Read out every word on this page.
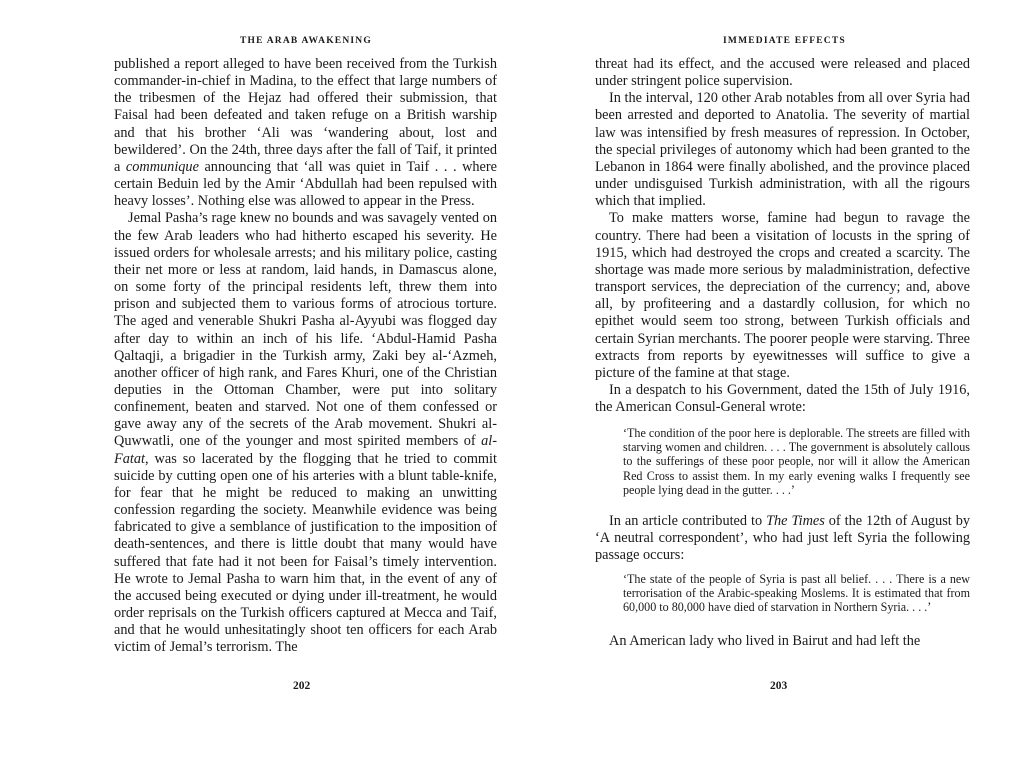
THE ARAB AWAKENING

published a report alleged to have been received from the Turkish commander-in-chief in Madina, to the effect that large numbers of the tribesmen of the Hejaz had offered their submission, that Faisal had been defeated and taken refuge on a British warship and that his brother ‘Ali was ‘wandering about, lost and bewildered’. On the 24th, three days after the fall of Taif, it printed a communique announcing that ‘all was quiet in Taif . . . where certain Beduin led by the Amir ‘Abdullah had been repulsed with heavy losses’. Nothing else was allowed to appear in the Press.

Jemal Pasha’s rage knew no bounds and was savagely vented on the few Arab leaders who had hitherto escaped his severity. He issued orders for wholesale arrests; and his military police, casting their net more or less at random, laid hands, in Damascus alone, on some forty of the principal residents left, threw them into prison and subjected them to various forms of atrocious torture. The aged and venerable Shukri Pasha al-Ayyubi was flogged day after day to within an inch of his life. ‘Abdul-Hamid Pasha Qaltaqji, a brigadier in the Turkish army, Zaki bey al-‘Azmeh, another officer of high rank, and Fares Khuri, one of the Christian deputies in the Ottoman Chamber, were put into solitary confinement, beaten and starved. Not one of them confessed or gave away any of the secrets of the Arab movement. Shukri al-Quwwatli, one of the younger and most spirited members of al-Fatat, was so lacerated by the flogging that he tried to commit suicide by cutting open one of his arteries with a blunt table-knife, for fear that he might be reduced to making an unwitting confession regarding the society. Meanwhile evidence was being fabricated to give a semblance of justification to the imposition of death-sentences, and there is little doubt that many would have suffered that fate had it not been for Faisal’s timely intervention. He wrote to Jemal Pasha to warn him that, in the event of any of the accused being executed or dying under ill-treatment, he would order reprisals on the Turkish officers captured at Mecca and Taif, and that he would unhesitatingly shoot ten officers for each Arab victim of Jemal’s terrorism. The

202
IMMEDIATE EFFECTS

threat had its effect, and the accused were released and placed under stringent police supervision.

In the interval, 120 other Arab notables from all over Syria had been arrested and deported to Anatolia. The severity of martial law was intensified by fresh measures of repression. In October, the special privileges of autonomy which had been granted to the Lebanon in 1864 were finally abolished, and the province placed under undisguised Turkish administration, with all the rigours which that implied.

To make matters worse, famine had begun to ravage the country. There had been a visitation of locusts in the spring of 1915, which had destroyed the crops and created a scarcity. The shortage was made more serious by maladministration, defective transport services, the depreciation of the currency; and, above all, by profiteering and a dastardly collusion, for which no epithet would seem too strong, between Turkish officials and certain Syrian merchants. The poorer people were starving. Three extracts from reports by eyewitnesses will suffice to give a picture of the famine at that stage.

In a despatch to his Government, dated the 15th of July 1916, the American Consul-General wrote:

‘The condition of the poor here is deplorable. The streets are filled with starving women and children. . . . The government is absolutely callous to the sufferings of these poor people, nor will it allow the American Red Cross to assist them. In my early evening walks I frequently see people lying dead in the gutter. . . .’

In an article contributed to The Times of the 12th of August by ‘A neutral correspondent’, who had just left Syria the following passage occurs:

‘The state of the people of Syria is past all belief. . . . There is a new terrorisation of the Arabic-speaking Moslems. It is estimated that from 60,000 to 80,000 have died of starvation in Northern Syria. . . .’

An American lady who lived in Bairut and had left the

203
